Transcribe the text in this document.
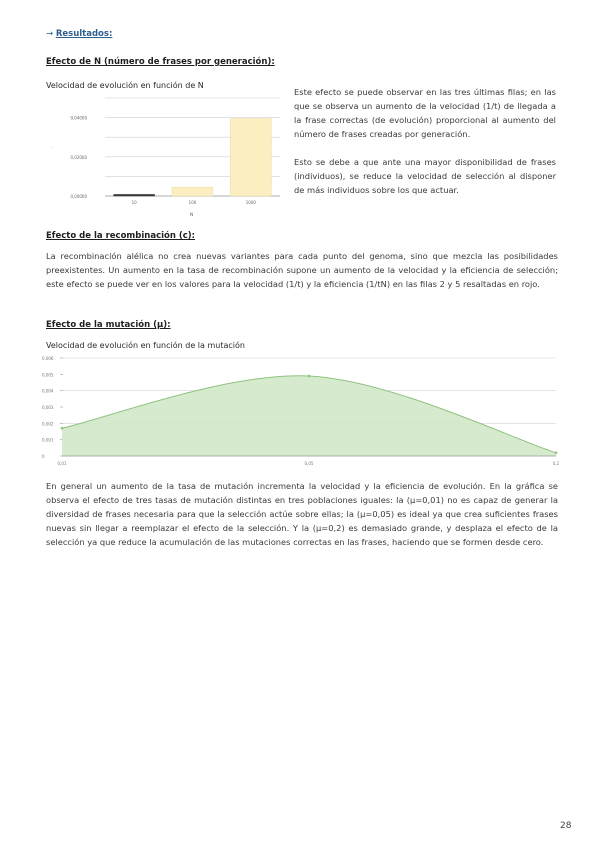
→ Resultados:
Efecto de N (número de frases por generación):
Velocidad de evolución en función de N
0,00000
0,02000
0,04000
-
10	100	1000
N
Este efecto se puede observar en las tres últimas filas; en las que se observa un aumento de la velocidad (1/t) de llegada a la frase correctas (de evolución) proporcional al aumento del número de frases creadas por generación.
Esto se debe a que ante una mayor disponibilidad de frases (individuos), se reduce la velocidad de selección al disponer de más individuos sobre los que actuar.
Efecto de la recombinación (c):
La recombinación alélica no crea nuevas variantes para cada punto del genoma, sino que mezcla las posibilidades preexistentes. Un aumento en la tasa de recombinación supone un aumento de la velocidad y la eficiencia de selección; este efecto se puede ver en los valores para la velocidad (1/t) y la eficiencia (1/tN) en las filas 2 y 5 resaltadas en rojo.
Efecto de la mutación (µ):
Velocidad de evolución en función de la mutación
0
0,001
0,002
0,003
0,004
0,005
0,006
0,01	0,05	0,2
En general un aumento de la tasa de mutación incrementa la velocidad y la eficiencia de evolución. En la gráfica se observa el efecto de tres tasas de mutación distintas en tres poblaciones iguales: la (µ=0,01) no es capaz de generar la diversidad de frases necesaria para que la selección actúe sobre ellas; la (µ=0,05) es ideal ya que crea suficientes frases nuevas sin llegar a reemplazar el efecto de la selección. Y la (µ=0,2) es demasiado grande, y desplaza el efecto de la selección ya que reduce la acumulación de las mutaciones correctas en las frases, haciendo que se formen desde cero.
28
